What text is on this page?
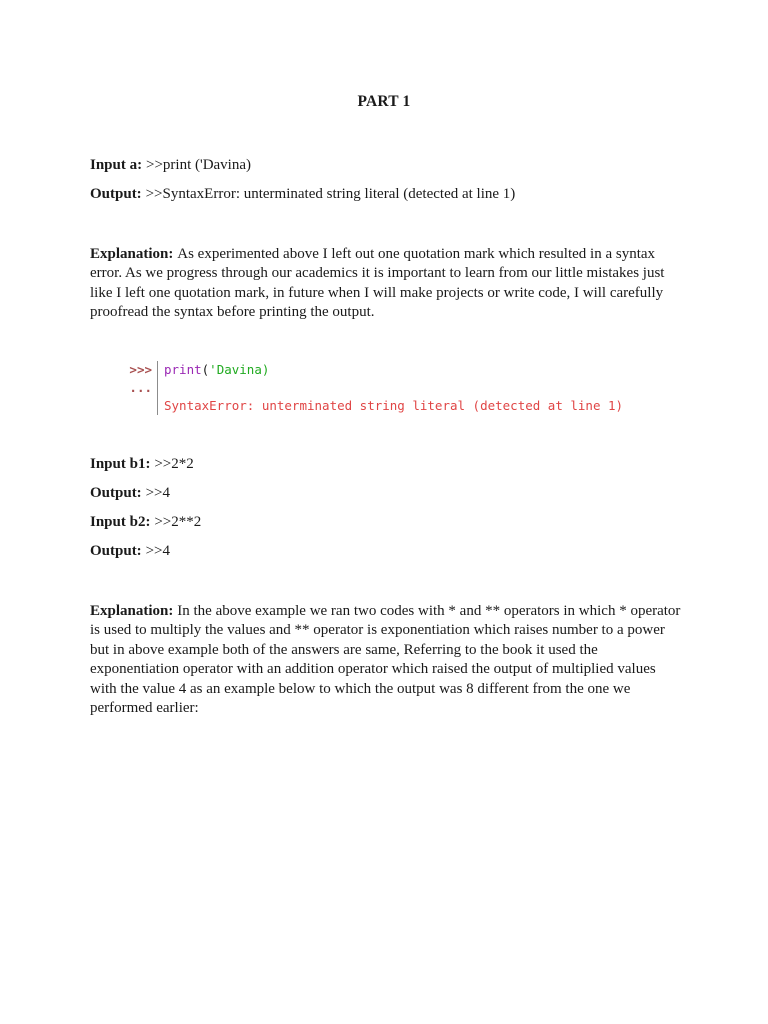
PART 1

Input a: >>print ('Davina)

Output: >>SyntaxError: unterminated string literal (detected at line 1)

Explanation: As experimented above I left out one quotation mark which resulted in a syntax error. As we progress through our academics it is important to learn from our little mistakes just like I left one quotation mark, in future when I will make projects or write code, I will carefully proofread the syntax before printing the output.

>>>
...
print('Davina)
SyntaxError: unterminated string literal (detected at line 1)

Input b1: >>2*2

Output: >>4

Input b2: >>2**2

Output: >>4

Explanation: In the above example we ran two codes with * and ** operators in which * operator is used to multiply the values and ** operator is exponentiation which raises number to a power but in above example both of the answers are same, Referring to the book it used the exponentiation operator with an addition operator which raised the output of multiplied values with the value 4 as an example below to which the output was 8 different from the one we performed earlier:
